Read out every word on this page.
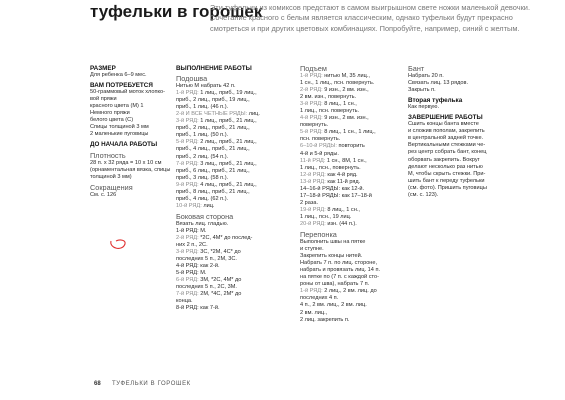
туфельки в горошек
Эти туфельки из комиксов предстают в самом выигрышном свете ножки маленькой девочки. Сочетание красного с белым является классическим, однако туфельки будут прекрасно смотреться и при других цветовых комбинациях. Попробуйте, например, синий с желтым.
РАЗМЕР
Для ребенка 6–9 мес.
ВАМ ПОТРЕБУЕТСЯ
50-граммовый моток хлопко-
вой пряжи
красного цвета (М) 1
Немного пряжи
белого цвета (С)
Спицы толщиной 3 мм
2 маленькие пуговицы
ДО НАЧАЛА РАБОТЫ
Плотность
28 п. х 32 ряда = 10 х 10 см
(орнаментальная вязка, спицы
толщиной 3 мм)
Сокращения
См. с. 126
ВЫПОЛНЕНИЕ РАБОТЫ
Подошва
Нитью М набрать 42 п.
1-й РЯД: 1 лиц., приб., 19 лиц.,
приб., 2 лиц., приб., 19 лиц.,
приб., 1 лиц. (46 п.).
2-й И ВСЕ ЧЕТНЫЕ РЯДЫ: лиц.
3-й РЯД: 1 лиц., приб., 21 лиц.,
приб., 2 лиц., приб., 21 лиц.,
приб., 1 лиц. (50 п.).
5-й РЯД: 2 лиц., приб., 21 лиц.,
приб., 4 лиц., приб., 21 лиц.,
приб., 2 лиц. (54 п.).
7-й РЯД: 3 лиц., приб., 21 лиц.,
приб., 6 лиц., приб., 21 лиц.,
приб., 3 лиц. (58 п.).
9-й РЯД: 4 лиц., приб., 21 лиц.,
приб., 8 лиц., приб., 21 лиц.,
приб., 4 лиц. (62 п.).
10-й РЯД: лиц.
Боковая сторона
Вязать лиц. гладью.
1-й РЯД: М.
2-й РЯД: *2С, 4М* до послед-
них 2 п., 2С.
3-й РЯД: 3С, *2М, 4С* до
последних 5 п., 2М, 3С.
4-й РЯД: как 2-й.
5-й РЯД: М.
6-й РЯД: 3М, *2С, 4М* до
последних 5 п., 2С, 3М.
7-й РЯД: 2М, *4С, 2М* до
конца.
8-й РЯД: как 7-й.
Подъем
1-й РЯД: нитью М, 35 лиц.,
1 сн., 1 лиц., псн. повернуть.
2-й РЯД: 9 изн., 2 вм. изн.,
2 вм. изн., повернуть.
3-й РЯД: 8 лиц., 1 сн.,
1 лиц., псн. повернуть.
4-й РЯД: 9 изн., 2 вм. изн.,
повернуть.
5-й РЯД: 8 лиц., 1 сн., 1 лиц.,
псн. повернуть.
6–10-й РЯДЫ: повторить
4-й и 5-й ряды.
11-й РЯД: 1 сн., 8М, 1 сн.,
1 лиц., псн., повернуть.
12-й РЯД: как 4-й ряд.
13-й РЯД: как 11-й ряд.
14–16-й РЯДЫ: как 12-й.
17–18-й РЯДЫ: как 17–18-й
2 раза.
19-й РЯД: 8 лиц., 1 сн.,
1 лиц., псн., 19 лиц.
20-й РЯД: изн. (44 п.).
Перепонка
Выполнить швы на пятке
и ступне.
Закрепить концы нитей.
Набрать 7 п. по лиц. стороне,
набрать и провязать лиц. 14 п.
на пятке по (7 п. с каждой сто-
роны от шва), набрать 7 п.
1-й РЯД: 2 лиц., 2 вм. лиц. до
последних 4 п.
4 п., 2 вм. лиц., 2 вм. лиц.
2 вм. лиц.,
2 лиц. закрепить п.
Бант
Набрать 20 п.
Связать лиц. 13 рядов.
Закрыть п.
Вторая туфелька
Как первую.
ЗАВЕРШЕНИЕ РАБОТЫ
Сшить концы банта вместе
и сложив пополам, закрепить
в центральной задней точке.
Вертикальными стежками че-
рез центр собрать бант, конец
оборвать закрепить. Вокруг
делают несколько раз нитью
М, чтобы скрыть стежки. При-
шить бант к переду туфельки
(см. фото). Пришить пуговицы
(см. с. 123).
68 ТУФЕЛЬКИ В ГОРОШЕК
